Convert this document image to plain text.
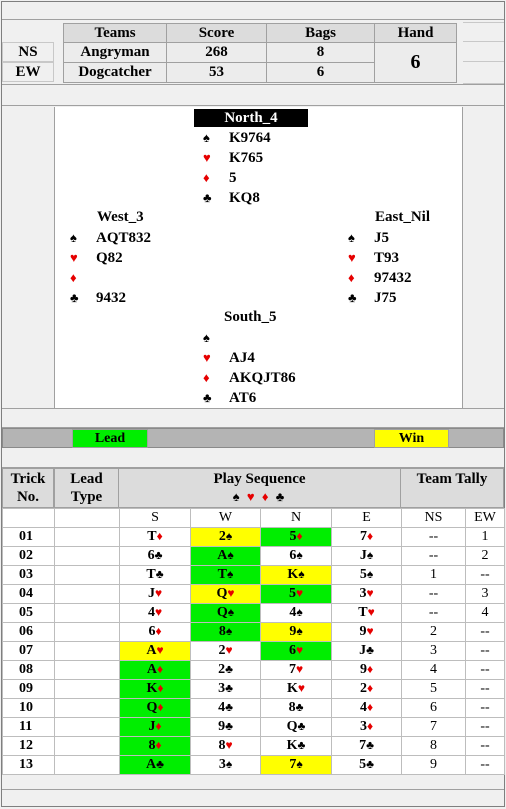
Teams	Score	Bags	Hand
NS	Angryman	268	8
EW	Dogcatcher	53	6	6
North_4
♠	K9764
♥	K765
♦	5
♣	KQ8
West_3
♠	AQT832
♥	Q82
♦
♣	9432
East_Nil
♠	J5
♥	T93
♦	97432
♣	J75
South_5
♠
♥	AJ4
♦	AKQJT86
♣	AT6
Lead	Win
Trick No.
Lead Type
Play Sequence
♠ ♥ ♦ ♣
Team Tally
		S	W	N	E	NS	EW
01		T♦	2♠	5♦	7♦	--	1
02		6♣	A♠	6♠	J♠	--	2
03		T♣	T♠	K♠	5♠	1	--
04		J♥	Q♥	5♥	3♥	--	3
05		4♥	Q♠	4♠	T♥	--	4
06		6♦	8♠	9♠	9♥	2	--
07		A♥	2♥	6♥	J♣	3	--
08		A♦	2♣	7♥	9♦	4	--
09		K♦	3♣	K♥	2♦	5	--
10		Q♦	4♣	8♣	4♦	6	--
11		J♦	9♣	Q♣	3♦	7	--
12		8♦	8♥	K♣	7♣	8	--
13		A♣	3♠	7♠	5♣	9	--
